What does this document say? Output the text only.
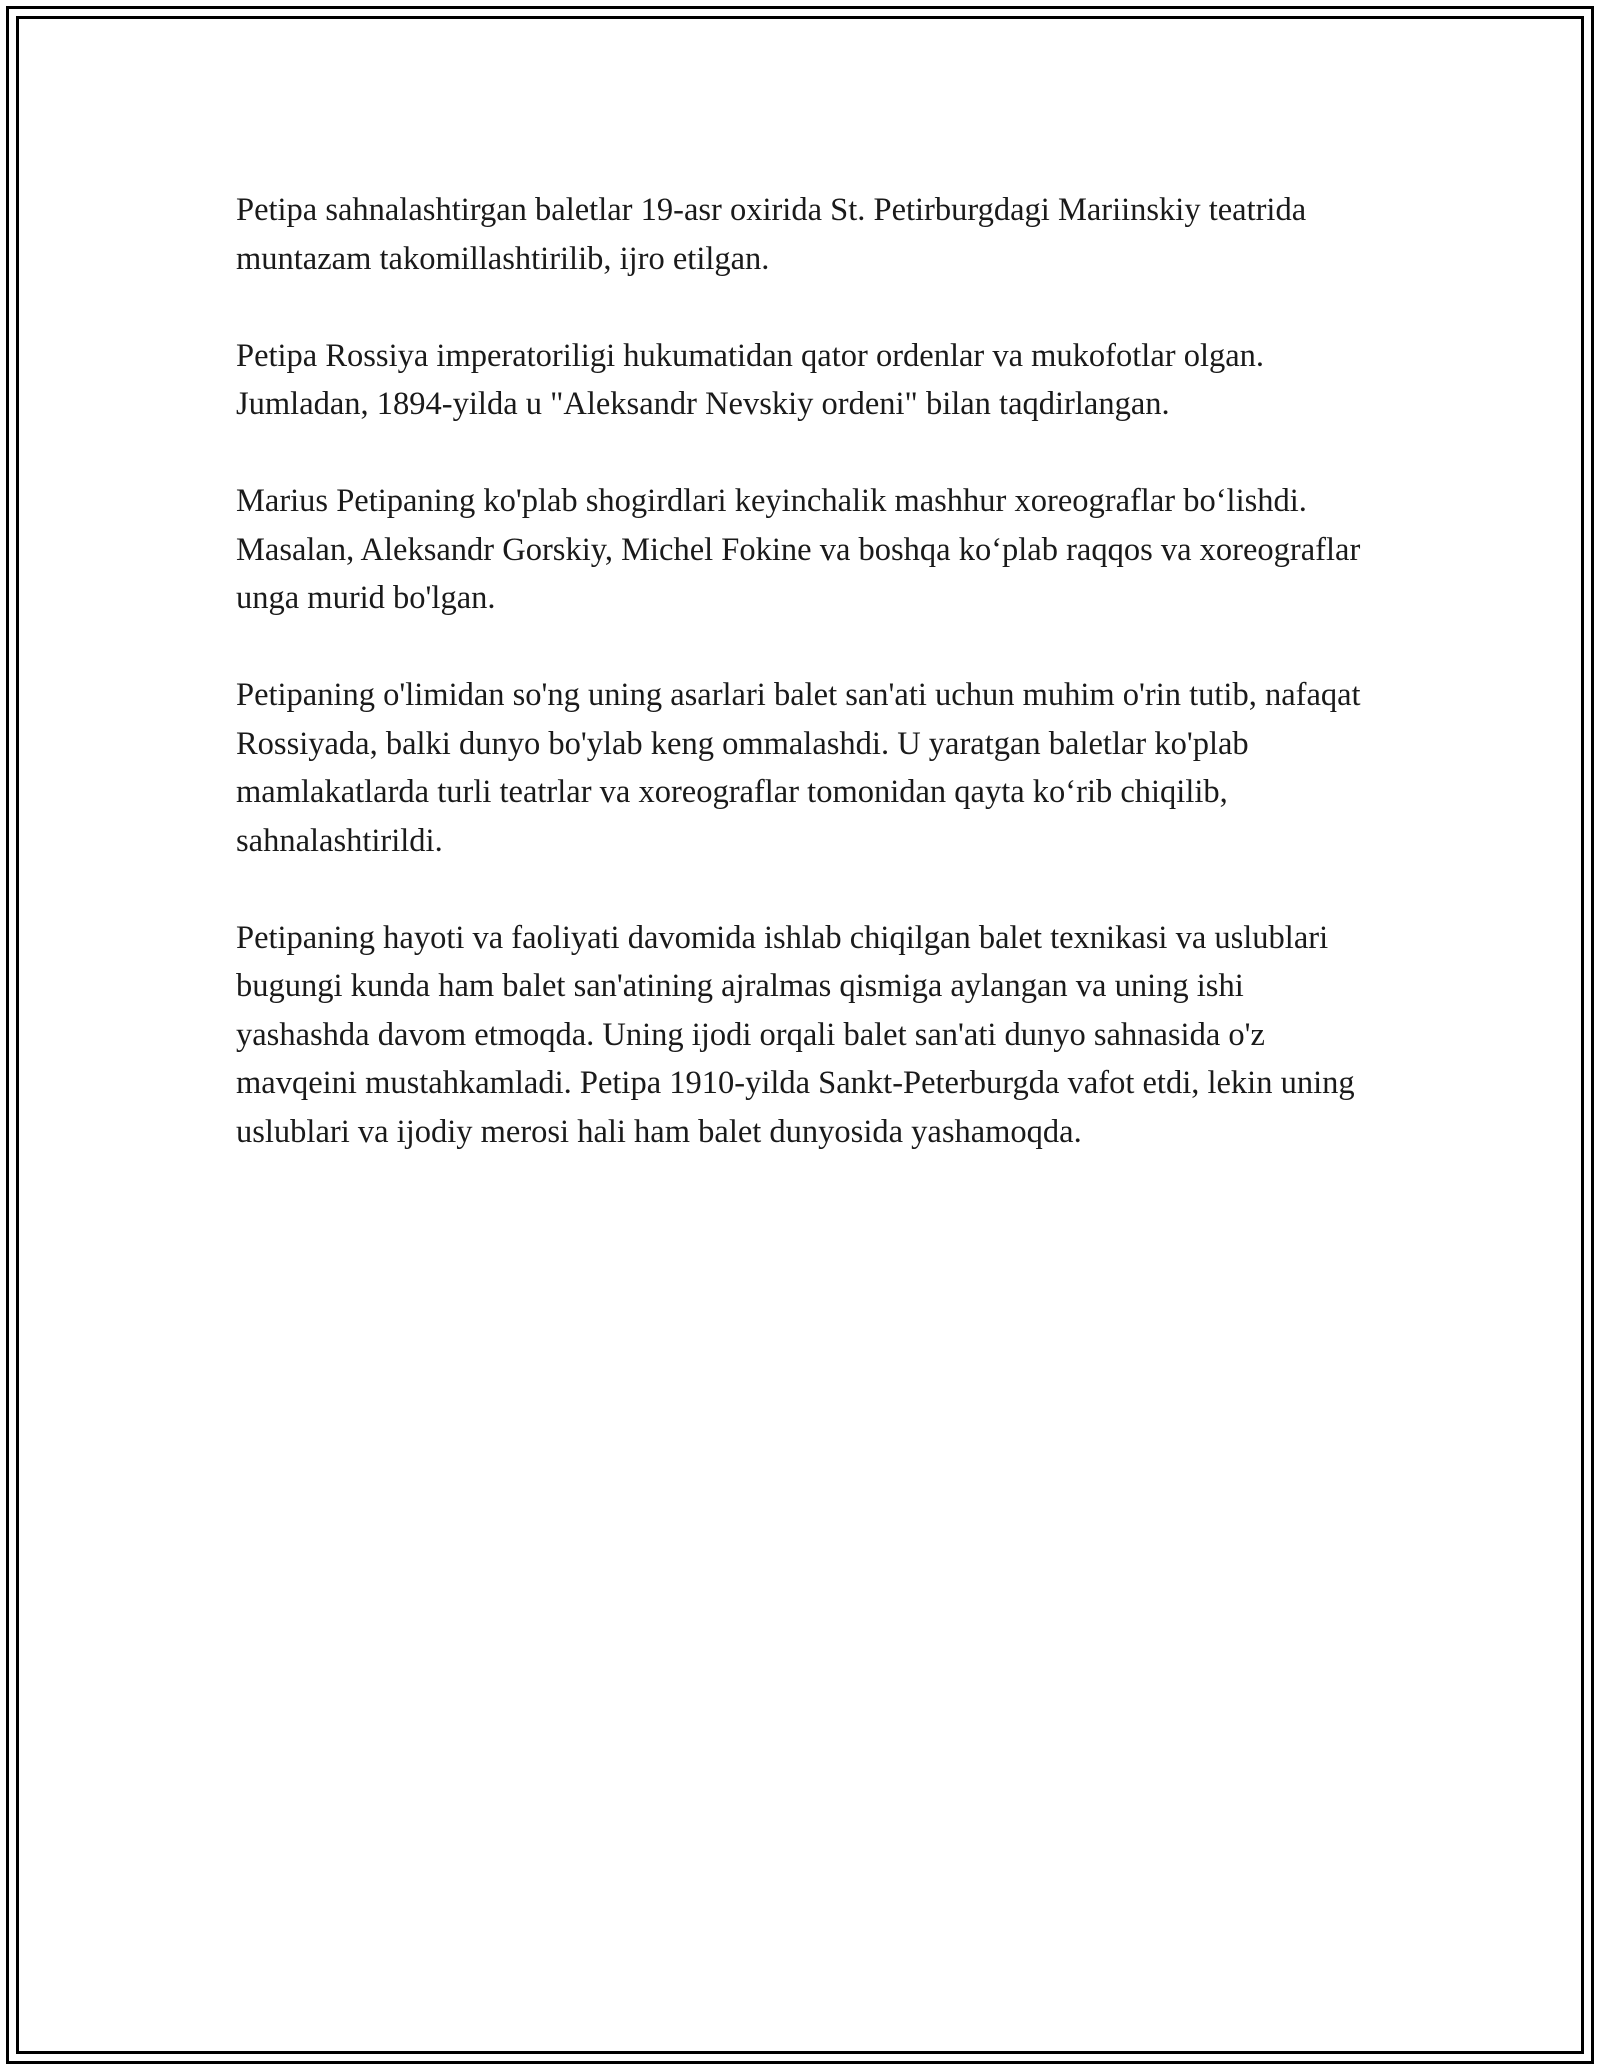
Petipa sahnalashtirgan baletlar 19-asr oxirida St. Petirburgdagi Mariinskiy teatrida muntazam takomillashtirilib, ijro etilgan.

Petipa Rossiya imperatoriligi hukumatidan qator ordenlar va mukofotlar olgan. Jumladan, 1894-yilda u "Aleksandr Nevskiy ordeni" bilan taqdirlangan.

Marius Petipaning ko'plab shogirdlari keyinchalik mashhur xoreograflar bo‘lishdi. Masalan, Aleksandr Gorskiy, Michel Fokine va boshqa ko‘plab raqqos va xoreograflar unga murid bo'lgan.

Petipaning o'limidan so'ng uning asarlari balet san'ati uchun muhim o'rin tutib, nafaqat Rossiyada, balki dunyo bo'ylab keng ommalashdi. U yaratgan baletlar ko'plab mamlakatlarda turli teatrlar va xoreograflar tomonidan qayta ko‘rib chiqilib, sahnalashtirildi.

Petipaning hayoti va faoliyati davomida ishlab chiqilgan balet texnikasi va uslublari bugungi kunda ham balet san'atining ajralmas qismiga aylangan va uning ishi yashashda davom etmoqda. Uning ijodi orqali balet san'ati dunyo sahnasida o'z mavqeini mustahkamladi. Petipa 1910-yilda Sankt-Peterburgda vafot etdi, lekin uning uslublari va ijodiy merosi hali ham balet dunyosida yashamoqda.
